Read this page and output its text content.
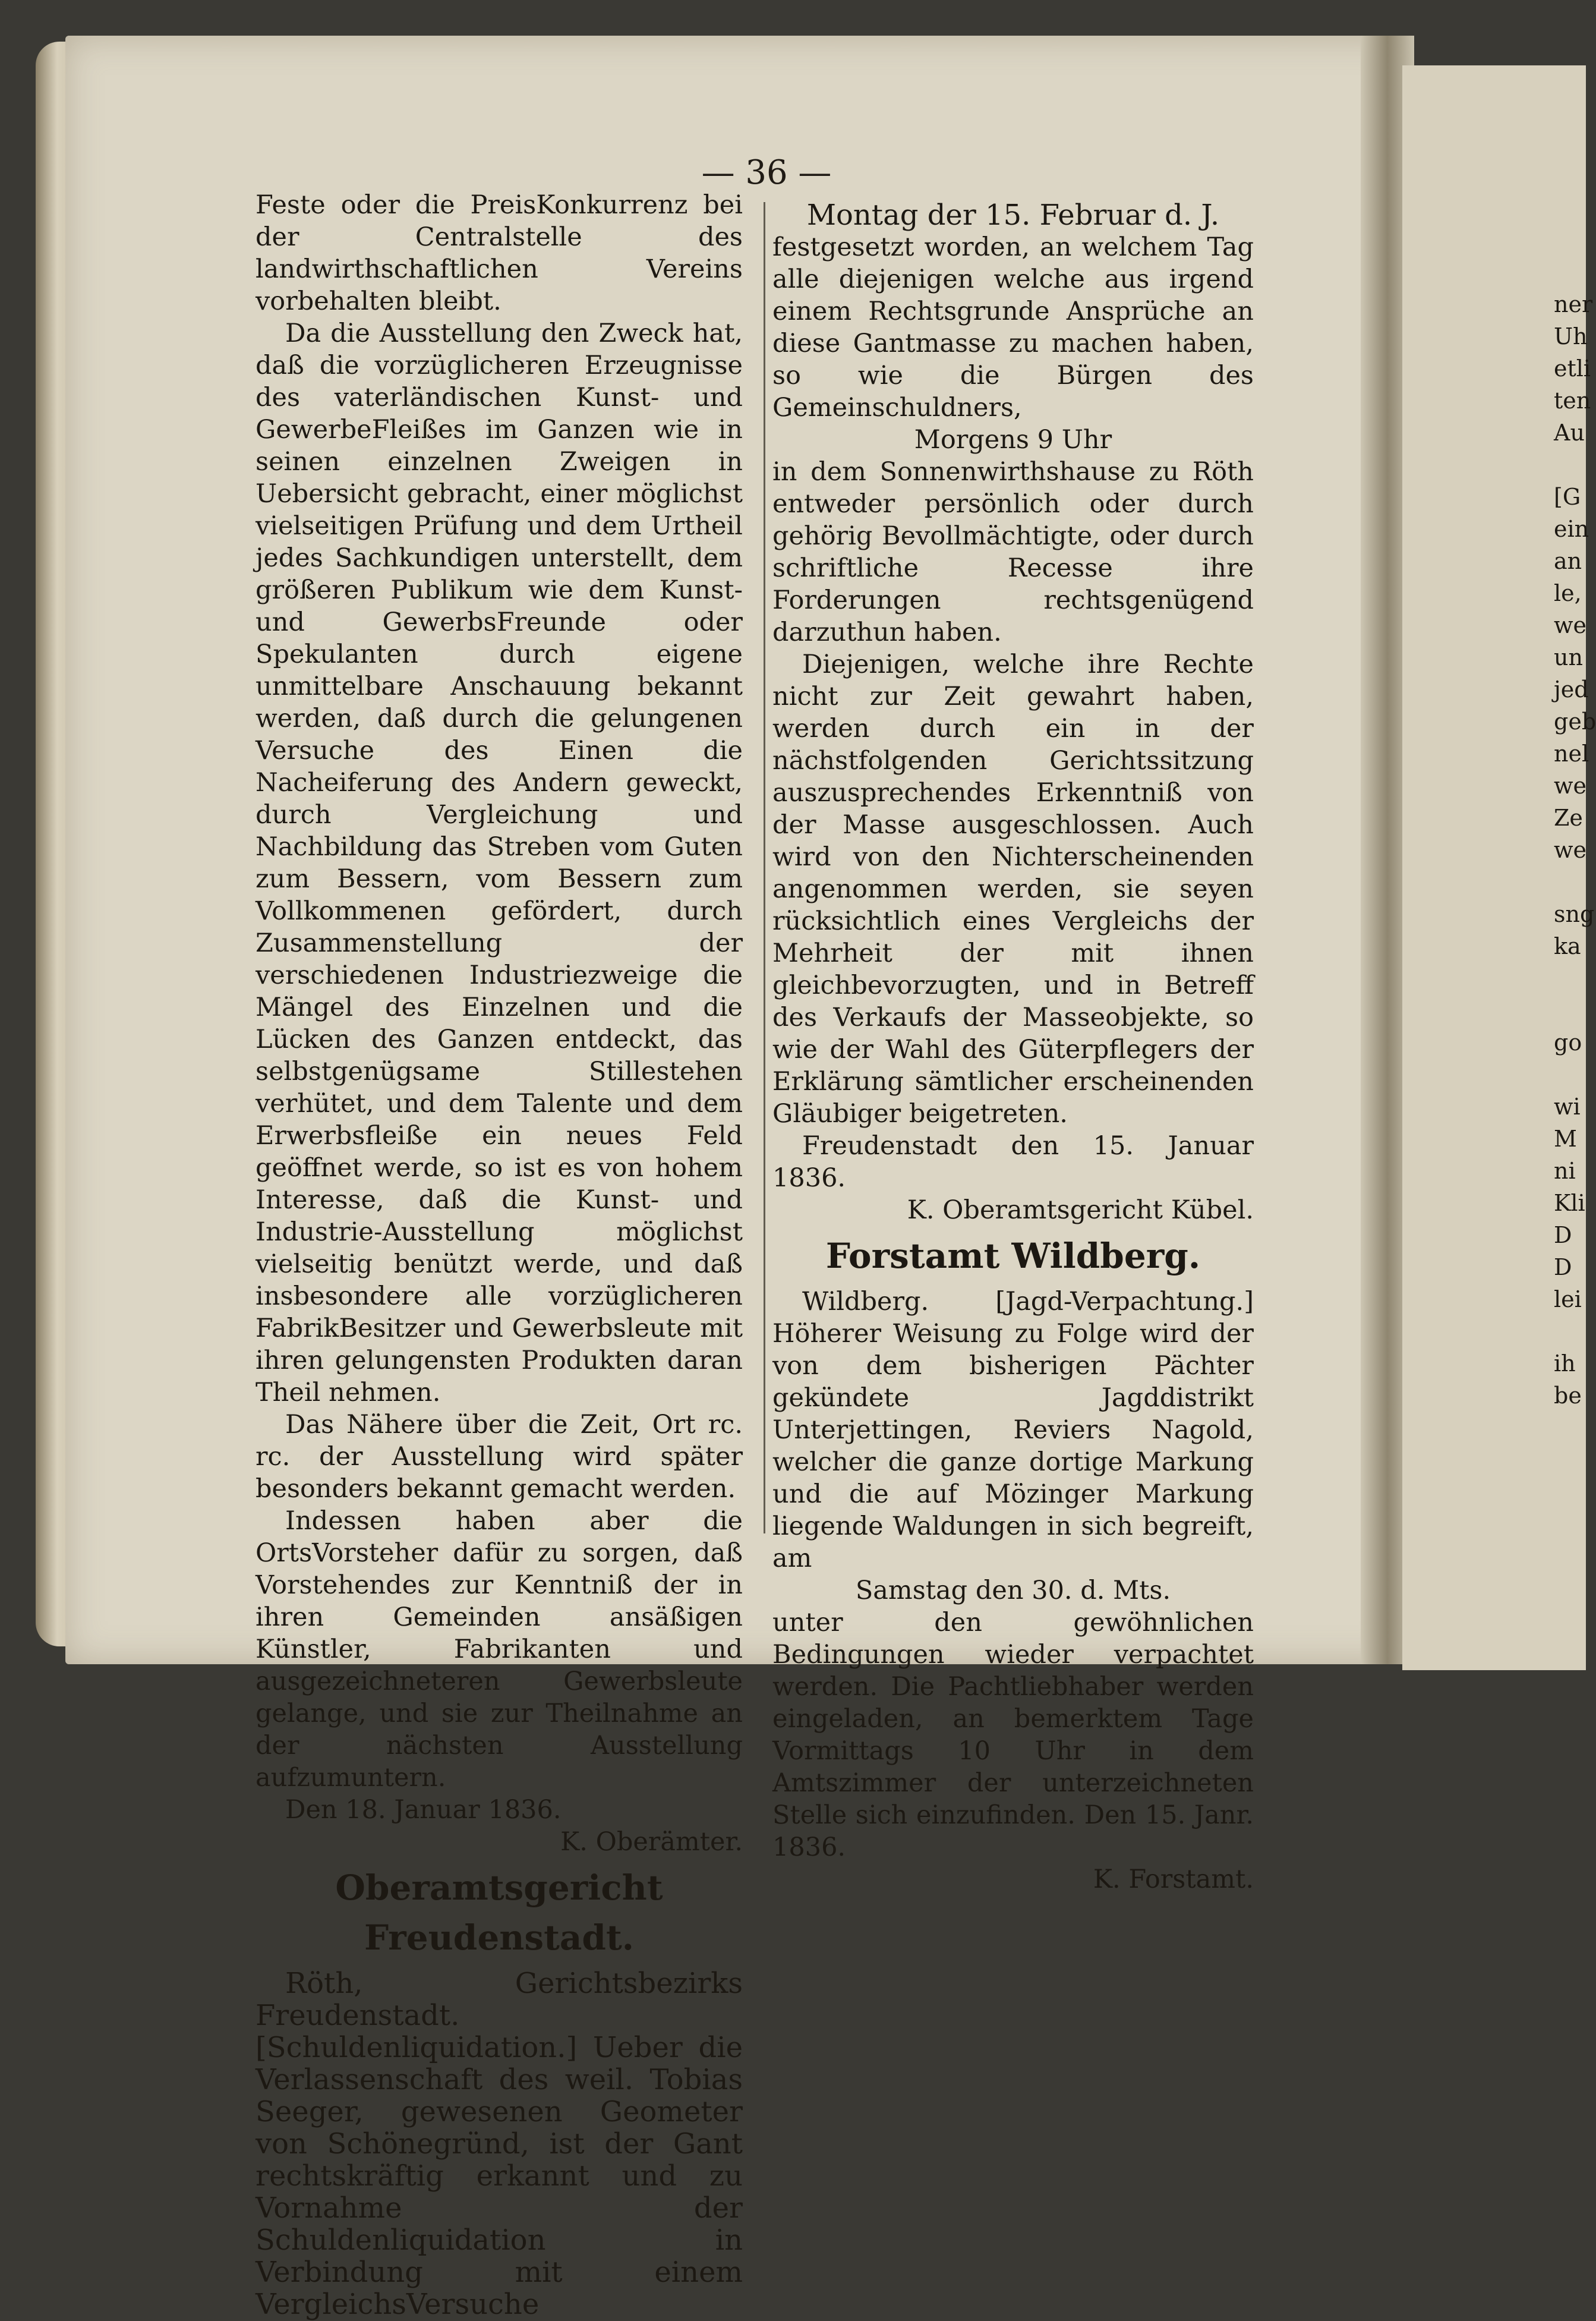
— 36 —

Feste oder die PreisKonkurrenz bei der Centralstelle des landwirthschaftlichen Vereins vorbehalten bleibt.

Da die Ausstellung den Zweck hat, daß die vorzüglicheren Erzeugnisse des vaterländischen Kunst- und GewerbeFleißes im Ganzen wie in seinen einzelnen Zweigen in Uebersicht gebracht, einer möglichst vielseitigen Prüfung und dem Urtheil jedes Sachkundigen unterstellt, dem größeren Publikum wie dem Kunst- und GewerbsFreunde oder Spekulanten durch eigene unmittelbare Anschauung bekannt werden, daß durch die gelungenen Versuche des Einen die Nacheiferung des Andern geweckt, durch Vergleichung und Nachbildung das Streben vom Guten zum Bessern, vom Bessern zum Vollkommenen gefördert, durch Zusammenstellung der verschiedenen Industriezweige die Mängel des Einzelnen und die Lücken des Ganzen entdeckt, das selbstgenügsame Stillestehen verhütet, und dem Talente und dem Erwerbsfleiße ein neues Feld geöffnet werde, so ist es von hohem Interesse, daß die Kunst- und Industrie-Ausstellung möglichst vielseitig benützt werde, und daß insbesondere alle vorzüglicheren FabrikBesitzer und Gewerbsleute mit ihren gelungensten Produkten daran Theil nehmen.

Das Nähere über die Zeit, Ort rc. rc. der Ausstellung wird später besonders bekannt gemacht werden.

Indessen haben aber die OrtsVorsteher dafür zu sorgen, daß Vorstehendes zur Kenntniß der in ihren Gemeinden ansäßigen Künstler, Fabrikanten und ausgezeichneteren Gewerbsleute gelange, und sie zur Theilnahme an der nächsten Ausstellung aufzumuntern.

Den 18. Januar 1836.

K. Oberämter.

Oberamtsgericht Freudenstadt.

Röth, Gerichtsbezirks Freudenstadt. [Schuldenliquidation.] Ueber die Verlassenschaft des weil. Tobias Seeger, gewesenen Geometer von Schönegründ, ist der Gant rechtskräftig erkannt und zu Vornahme der Schuldenliquidation in Verbindung mit einem VergleichsVersuche

Montag der 15. Februar d. J.

festgesetzt worden, an welchem Tag alle diejenigen welche aus irgend einem Rechtsgrunde Ansprüche an diese Gantmasse zu machen haben, so wie die Bürgen des Gemeinschuldners,

Morgens 9 Uhr

in dem Sonnenwirthshause zu Röth entweder persönlich oder durch gehörig Bevollmächtigte, oder durch schriftliche Recesse ihre Forderungen rechtsgenügend darzuthun haben.

Diejenigen, welche ihre Rechte nicht zur Zeit gewahrt haben, werden durch ein in der nächstfolgenden Gerichtssitzung auszusprechendes Erkenntniß von der Masse ausgeschlossen. Auch wird von den Nichterscheinenden angenommen werden, sie seyen rücksichtlich eines Vergleichs der Mehrheit der mit ihnen gleichbevorzugten, und in Betreff des Verkaufs der Masseobjekte, so wie der Wahl des Güterpflegers der Erklärung sämtlicher erscheinenden Gläubiger beigetreten.

Freudenstadt den 15. Januar 1836.

K. Oberamtsgericht Kübel.

Forstamt Wildberg.

Wildberg. [Jagd-Verpachtung.] Höherer Weisung zu Folge wird der von dem bisherigen Pächter gekündete Jagddistrikt Unterjettingen, Reviers Nagold, welcher die ganze dortige Markung und die auf Mözinger Markung liegende Waldungen in sich begreift, am

Samstag den 30. d. Mts.

unter den gewöhnlichen Bedingungen wieder verpachtet werden. Die Pachtliebhaber werden eingeladen, an bemerktem Tage Vormittags 10 Uhr in dem Amtszimmer der unterzeichneten Stelle sich einzufinden. Den 15. Janr. 1836.

K. Forstamt.

ner
Uh
etli
ten
Au
[G
ein
an
le,
we
un
jed
geb
nel
we
Ze
we
sng
ka
go
wi
M
ni
Kli
D
D
lei
ih
be
